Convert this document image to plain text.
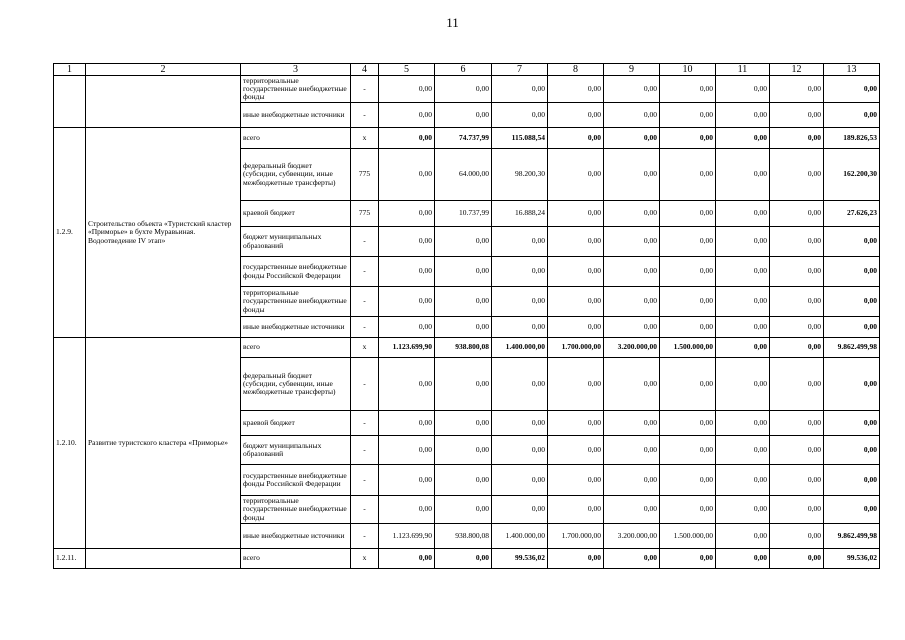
11
1	2	3	4	5	6	7	8	9	10	11	12	13
		территориальные государственные внебюджетные фонды	-	0,00	0,00	0,00	0,00	0,00	0,00	0,00	0,00	0,00
		иные внебюджетные источники	-	0,00	0,00	0,00	0,00	0,00	0,00	0,00	0,00	0,00
1.2.9.	Строительство объекта «Туристский кластер «Приморье» в бухте Муравьиная. Водоотведение IV этап»	всего	х	0,00	74.737,99	115.088,54	0,00	0,00	0,00	0,00	0,00	189.826,53
		федеральный бюджет (субсидии, субвенции, иные межбюджетные трансферты)	775	0,00	64.000,00	98.200,30	0,00	0,00	0,00	0,00	0,00	162.200,30
		краевой бюджет	775	0,00	10.737,99	16.888,24	0,00	0,00	0,00	0,00	0,00	27.626,23
		бюджет муниципальных образований	-	0,00	0,00	0,00	0,00	0,00	0,00	0,00	0,00	0,00
		государственные внебюджетные фонды Российской Федерации	-	0,00	0,00	0,00	0,00	0,00	0,00	0,00	0,00	0,00
		территориальные государственные внебюджетные фонды	-	0,00	0,00	0,00	0,00	0,00	0,00	0,00	0,00	0,00
		иные внебюджетные источники	-	0,00	0,00	0,00	0,00	0,00	0,00	0,00	0,00	0,00
1.2.10.	Развитие туристского кластера «Приморье»	всего	х	1.123.699,90	938.800,08	1.400.000,00	1.700.000,00	3.200.000,00	1.500.000,00	0,00	0,00	9.862.499,98
		федеральный бюджет (субсидии, субвенции, иные межбюджетные трансферты)	-	0,00	0,00	0,00	0,00	0,00	0,00	0,00	0,00	0,00
		краевой бюджет	-	0,00	0,00	0,00	0,00	0,00	0,00	0,00	0,00	0,00
		бюджет муниципальных образований	-	0,00	0,00	0,00	0,00	0,00	0,00	0,00	0,00	0,00
		государственные внебюджетные фонды Российской Федерации	-	0,00	0,00	0,00	0,00	0,00	0,00	0,00	0,00	0,00
		территориальные государственные внебюджетные фонды	-	0,00	0,00	0,00	0,00	0,00	0,00	0,00	0,00	0,00
		иные внебюджетные источники	-	1.123.699,90	938.800,08	1.400.000,00	1.700.000,00	3.200.000,00	1.500.000,00	0,00	0,00	9.862.499,98
1.2.11.		всего	х	0,00	0,00	99.536,02	0,00	0,00	0,00	0,00	0,00	99.536,02
